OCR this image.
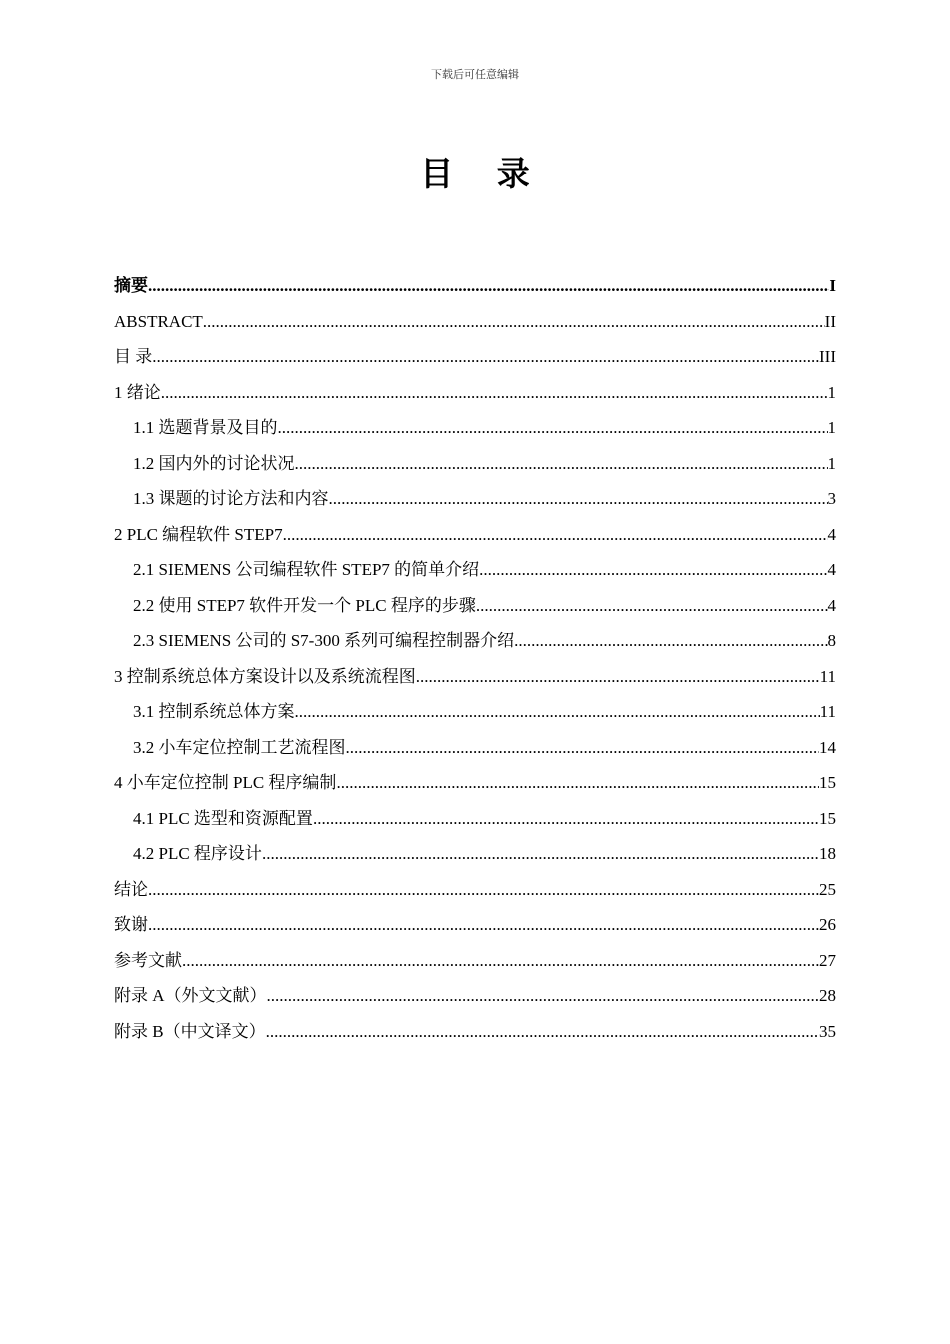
下载后可任意编辑
目 录
摘要 .....	I
ABSTRACT .....	II
目 录 .....	III
1 绪论 .....	1
1.1 选题背景及目的 .....	1
1.2 国内外的讨论状况 .....	1
1.3 课题的讨论方法和内容 .....	3
2 PLC 编程软件 STEP7 .....	4
2.1 SIEMENS 公司编程软件 STEP7 的简单介绍 .....	4
2.2 使用 STEP7 软件开发一个 PLC 程序的步骤 .....	4
2.3 SIEMENS 公司的 S7-300 系列可编程控制器介绍 .....	8
3 控制系统总体方案设计以及系统流程图 .....	11
3.1 控制系统总体方案 .....	11
3.2 小车定位控制工艺流程图 .....	14
4 小车定位控制 PLC 程序编制 .....	15
4.1 PLC 选型和资源配置 .....	15
4.2 PLC 程序设计 .....	18
结论 .....	25
致谢 .....	26
参考文献 .....	27
附录 A（外文文献） .....	28
附录 B（中文译文） .....	35
